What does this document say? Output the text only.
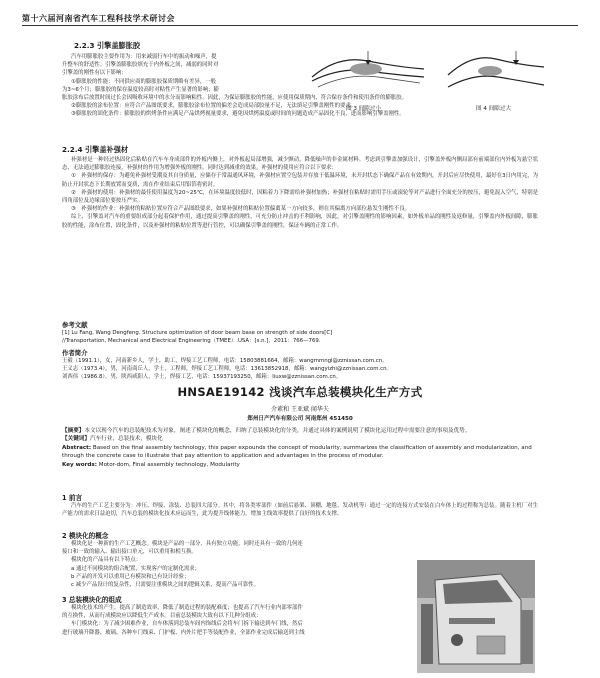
第十六届河南省汽车工程科技学术研讨会
2.2.3 引擎盖膨胀胶

汽车用膨胀胶主要作用为：用来减弱行车中的振动和噪声，提

升整车的舒适性；引擎盖膨胀胶填充于内外板之间，减弱的同时对
引擎盖的刚性有以下影响：

①膨胀胶的性能：不同供应商的膨胀胶保质期略有差异，一般

为3~6个月；膨胀胶的保存温度较高时对粘性产生显著的影响；膨
胀胶涂布后放置时间过长会因吸收环境中的水分而影响粘性。因此，为保证膨胀胶的性能，应使用保质期内、符合保存条件和使用条件的膨胀胶。

②膨胀胶的涂布位置：应符合产品图纸要求，膨胀胶涂布位置的偏差会造成局部胶量不足，无法填足引擎盖刚性的要求。

③膨胀胶的固化条件：膨胀胶的烘烤条件应满足产品烘烤视量要求，避免因烘烤温度或时间的问题造成产品固化不良，进而影响引擎盖刚性。

图 3 间隙过小	图 4 间隙过大
2.2.4 引擎盖补强材

补强材是一种经过热固化后粘贴在汽车车身成部件的外板内侧上，对外板起局部增强，减少颤动，降低噪声的非金属材料。考虑到引擎盖加强设计，引擎盖外板内侧局部有前端部位内外板为悬空状态，无法通过膨胀胶连接，补强材的作用为增强外板的刚性，同时达到减重的效果。补强材的使用应符合以下要求：

①　补强材的保存：为避免补强材受潮及其自身质量，应储存于常温通风环境，补强材应置空包装并存放于低温环境，未开封状态下确保产品在有效期内，开封后应尽快使用，最好在3日内用完，为防止开封状态下长期放置而变质，需在作业结束后用铝箔将密封。

②　补强材的使用：补强材的最佳使用温度为20~25℃，在环境温度较低时，因粘着力下降需给补强材加热；补强材在粘贴时需用手压或滚轮等对产品进行全面充分的按压，避免混入空气，特别是四角部位及边缘部位要按压严实。

③　补强材的作业：补强材的粘贴位置应符合产品图纸要求，如果补强材的粘贴位置偏离某一方向较多，则在其偏离方向部位悬发生刚性不良。

综上，引擎盖对汽车的重要组成部分起着保护作用，通过提高引擎盖的刚性，可充分防止冲击的不利影响，因此，对引擎盖刚性的影响因素，如外板单品的刚性及返修量，引擎盖内外板间隙，膨胀胶的性能，涂布位置，固化条件，以及补强材的粘贴位置等进行管控，可以确保引擎盖的刚性，保证车辆的正常工作。

参考文献
[1] Lu Fang, Wang Dengfeng. Structure optimization of door beam base on strength of side doors[C]
//Transportation, Mechanical and Electrical Engineering（TMEE）.USA：[s.n.]，2011：766—769.
作者简介
王毅（1991.1），女，河南新乡人，学士，助工，焊接工艺工程师，电话：15803881664，邮箱：wangmmngl@zznissan.com.cn。
王义志（1973.4），男，河南商丘人，学士，工程师，焊接工艺工程师，电话：13613852918，邮箱：wangyizhi@zznissan.com.cn。
刘西伟（1986.8），男，陕西咸阳人，学士，焊接工艺，电话：15937193250，邮箱：liuxw@zznissan.com.cn。
HNSAE19142 浅谈汽车总装模块化生产方式
介素和 王亚斌 闻华夫
郑州日产汽车有限公司 河南郑州 451450
【摘要】本文以现今汽车的总装配技术为对象，阐述了模块化的概念，归纳了总装模块化的分类，并通过具体的案例说明了模块化运用过程中需要注意的事项及优势。
【关键词】汽车行业，总装技术，模块化
Abstract: Based on the final assembly technology, this paper expounds the concept of modularity, summarizes the classification of assembly and modularization, and through the concrete case to illustrate that pay attention to application and advantages in the process of modular.
Key words: Motor-dom, Final assembly technology, Modularity
1 前言

汽车的生产工艺主要分为：冲压、焊接、涂装、总装四大部分。其中，将各类零部件（如前后悬架、顶棚、地毯、发动机等）通过一定的连接方式安装在白车体上的过程称为总装。随着主机厂对生产能力的需求日益迫切，汽车总装的模块化技术应运而生，此为提升线体能力，增加主线效率提供了良好的技术支撑。

2 模块化的概念

模块化是一种新的生产工艺概念。模块是产品的一部分，具有独立功能，同时还具有一致的几何连

接口和一致的输入、输出接口单元，可以重用和相互换。

模块化的产品具有以下特点：

a 通过不同模块的组合配置，实现客户的定制化需求；

b 产品的开发可以重用已有模块和已有设计经验；

c 减少产品设计的复杂性，只需要注重模块之间的逻辑关系，提高产品可靠性。

3 总装模块化的组成

模块化技术的产生，提高了制造效率，降低了制造过程的装配难度；也提高了汽车行业内部零部件

的互换性，从而行成模块应以降低生产成本。目前总装模块大致有以下几种分组成：

车门模块化：为了减少困难作业，自车体落到总装车间内饰线后会将车门拆下输送到车门线，然后

进行玻璃升降器、玻璃、各种车门线束、门护板、内外片把手等装配作业，全部作业完成后输送到主线
